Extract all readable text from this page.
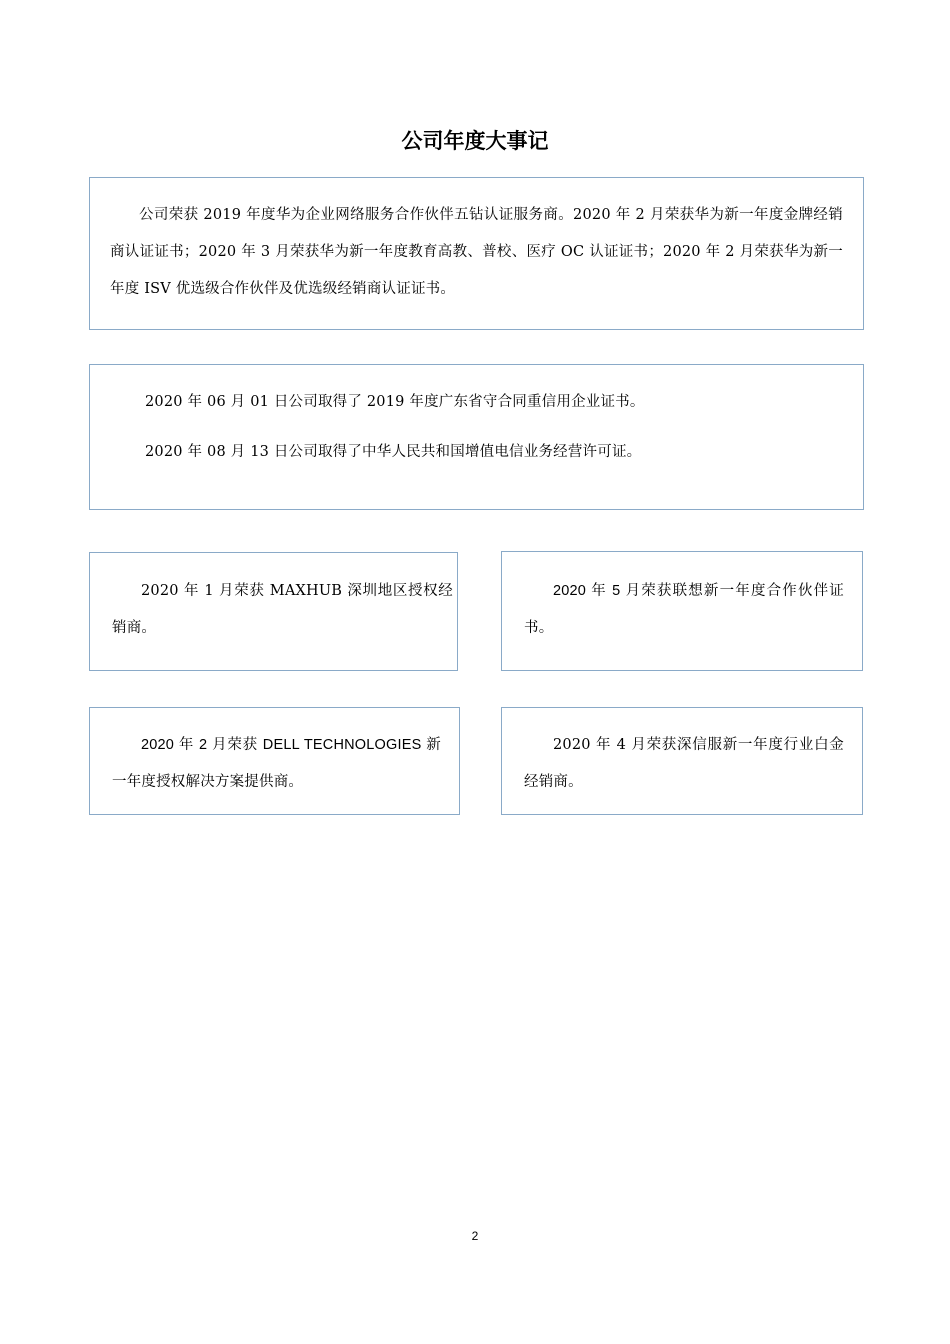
公司年度大事记

公司荣获 2019 年度华为企业网络服务合作伙伴五钻认证服务商。2020 年 2 月荣获华为新一年度金牌经销商认证证书；2020 年 3 月荣获华为新一年度教育高教、普校、医疗 OC 认证证书；2020 年 2 月荣获华为新一年度 ISV 优选级合作伙伴及优选级经销商认证证书。

2020 年 06 月 01 日公司取得了 2019 年度广东省守合同重信用企业证书。

2020 年 08 月 13 日公司取得了中华人民共和国增值电信业务经营许可证。

2020 年 1 月荣获 MAXHUB 深圳地区授权经销商。

2020 年 5 月荣获联想新一年度合作伙伴证书。

2020 年 2 月荣获 DELL TECHNOLOGIES 新一年度授权解决方案提供商。

2020 年 4 月荣获深信服新一年度行业白金经销商。

2
